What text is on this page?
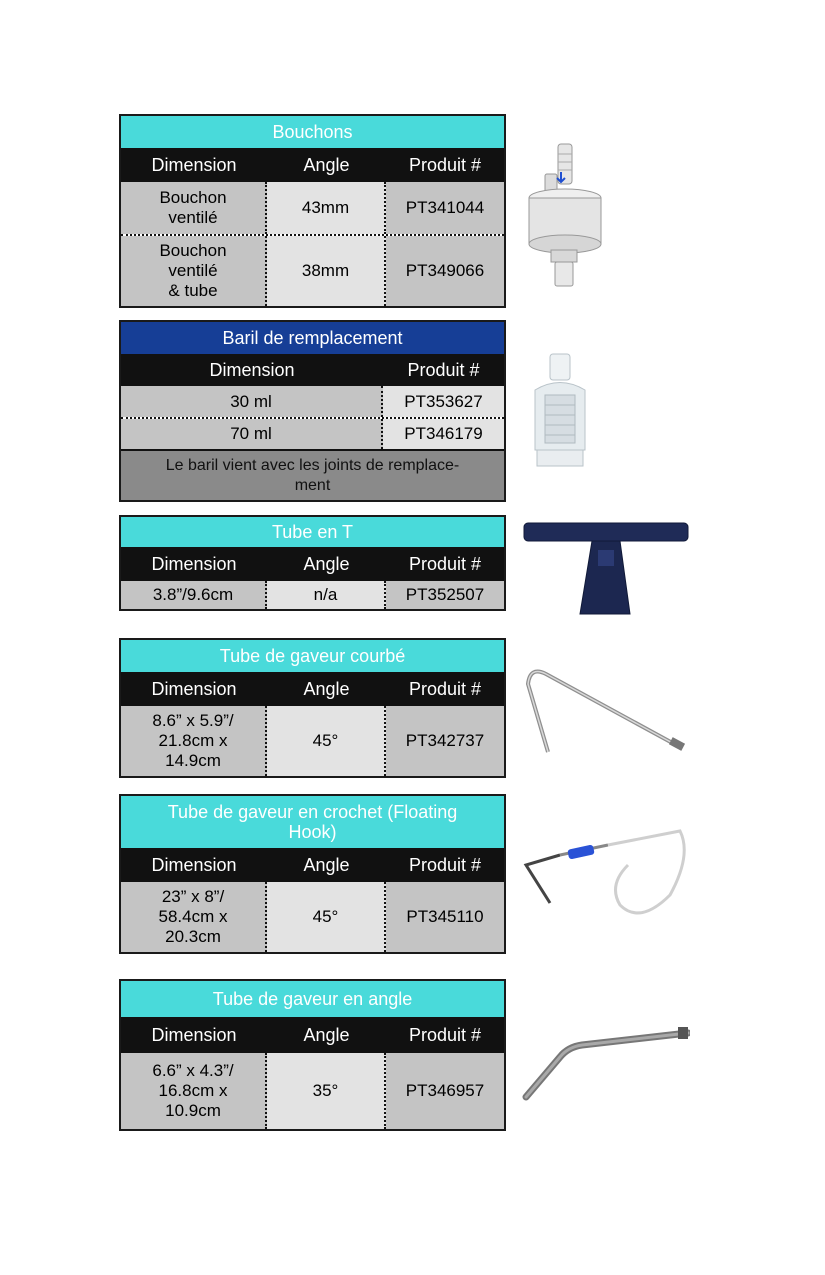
Bouchons
Dimension	Angle	Produit #
Bouchon
ventilé
43mm	PT341044
Bouchon
ventilé
& tube
38mm	PT349066
Baril de remplacement
Dimension	Produit #
30 ml	PT353627
70 ml	PT346179
Le baril vient avec les joints de remplace-
ment
Tube en T
Dimension	Angle	Produit #
3.8”/9.6cm	n/a	PT352507
Tube de gaveur courbé
Dimension	Angle	Produit #
8.6” x 5.9”/
21.8cm x
14.9cm
45°	PT342737
Tube de gaveur en crochet (Floating
Hook)
Dimension	Angle	Produit #
23” x 8”/
58.4cm x
20.3cm
45°	PT345110
Tube de gaveur en angle
Dimension	Angle	Produit #
6.6” x 4.3”/
16.8cm x
10.9cm
35°	PT346957
